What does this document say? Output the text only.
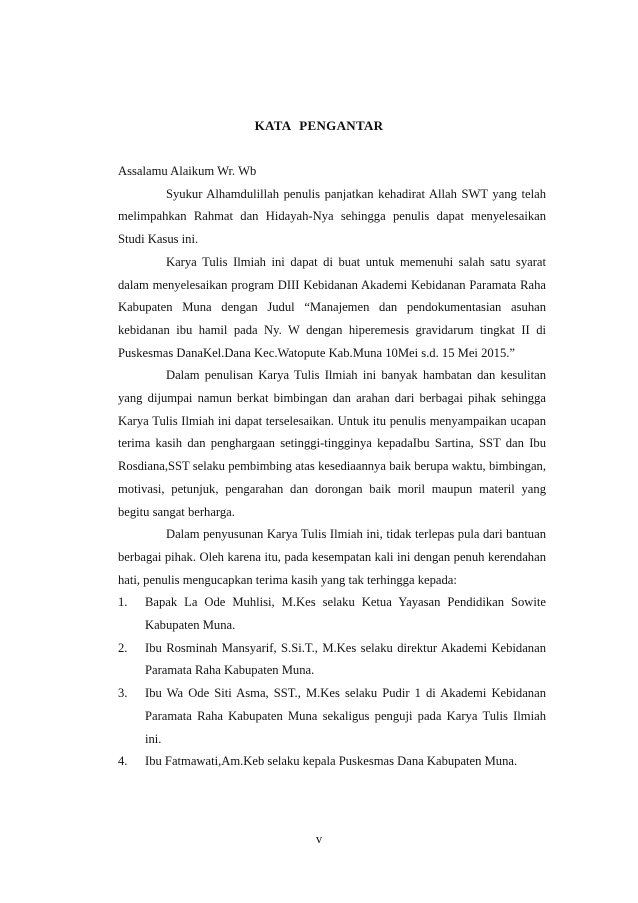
KATA PENGANTAR

Assalamu Alaikum Wr. Wb

Syukur Alhamdulillah penulis panjatkan kehadirat Allah SWT yang telah melimpahkan Rahmat dan Hidayah-Nya sehingga penulis dapat menyelesaikan Studi Kasus ini.

Karya Tulis Ilmiah ini dapat di buat untuk memenuhi salah satu syarat dalam menyelesaikan program DIII Kebidanan Akademi Kebidanan Paramata Raha Kabupaten Muna dengan Judul “Manajemen dan pendokumentasian asuhan kebidanan ibu hamil pada Ny. W dengan hiperemesis gravidarum tingkat II di Puskesmas DanaKel.Dana Kec.Watopute Kab.Muna 10Mei s.d. 15 Mei 2015.”

Dalam penulisan Karya Tulis Ilmiah ini banyak hambatan dan kesulitan yang dijumpai namun berkat bimbingan dan arahan dari berbagai pihak sehingga Karya Tulis Ilmiah ini dapat terselesaikan. Untuk itu penulis menyampaikan ucapan terima kasih dan penghargaan setinggi-tingginya kepadaIbu Sartina, SST dan Ibu Rosdiana,SST selaku pembimbing atas kesediaannya baik berupa waktu, bimbingan, motivasi, petunjuk, pengarahan dan dorongan baik moril maupun materil yang begitu sangat berharga.

Dalam penyusunan Karya Tulis Ilmiah ini, tidak terlepas pula dari bantuan berbagai pihak. Oleh karena itu, pada kesempatan kali ini dengan penuh kerendahan hati, penulis mengucapkan terima kasih yang tak terhingga kepada:

1. Bapak La Ode Muhlisi, M.Kes selaku Ketua Yayasan Pendidikan Sowite Kabupaten Muna.
2. Ibu Rosminah Mansyarif, S.Si.T., M.Kes selaku direktur Akademi Kebidanan Paramata Raha Kabupaten Muna.
3. Ibu Wa Ode Siti Asma, SST., M.Kes selaku Pudir 1 di Akademi Kebidanan Paramata Raha Kabupaten Muna sekaligus penguji pada Karya Tulis Ilmiah ini.
4. Ibu Fatmawati,Am.Keb selaku kepala Puskesmas Dana Kabupaten Muna.
v
